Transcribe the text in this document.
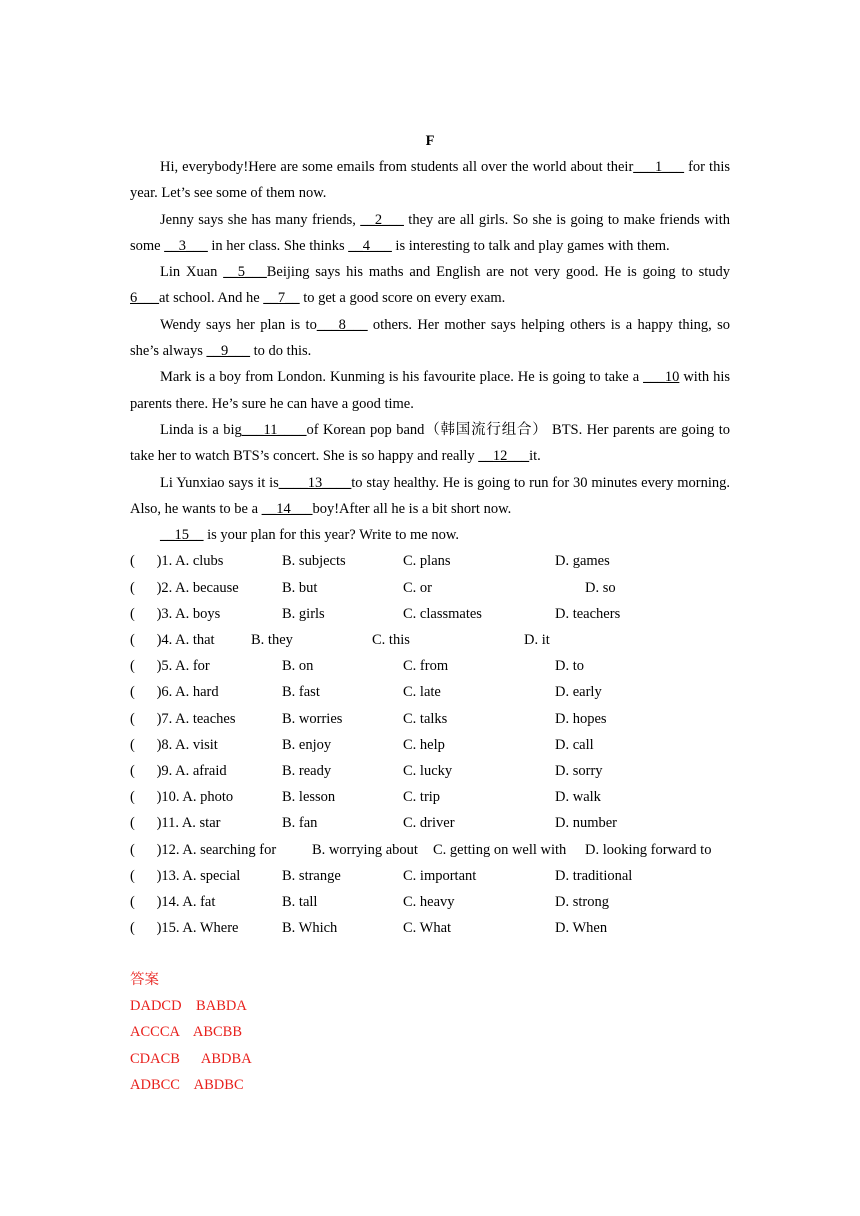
F

Hi, everybody!Here are some emails from students all over the world about their___1___ for this year. Let’s see some of them now.

Jenny says she has many friends, __2___ they are all girls. So she is going to make friends with some __3___ in her class. She thinks __4___ is interesting to talk and play games with them.

Lin Xuan __5___Beijing says his maths and English are not very good. He is going to study 6___at school. And he __7__ to get a good score on every exam.

Wendy says her plan is to___8___ others. Her mother says helping others is a happy thing, so she’s always __9___ to do this.

Mark is a boy from London. Kunming is his favourite place. He is going to take a ___10 with his parents there. He’s sure he can have a good time.

Linda is a big___11____of Korean pop band（韩国流行组合） BTS. Her parents are going to take her to watch BTS’s concert. She is so happy and really __12___it.

Li Yunxiao says it is____13____to stay healthy. He is going to run for 30 minutes every morning. Also, he wants to be a __14___boy!After all he is a bit short now.

__15__ is your plan for this year? Write to me now.

(      )1. A. clubs	B. subjects	C. plans	D. games
(      )2. A. because	B. but	C. or	D. so
(      )3. A. boys	B. girls	C. classmates	D. teachers
(      )4. A. that	B. they	C. this	D. it
(      )5. A. for	B. on	C. from	D. to
(      )6. A. hard	B. fast	C. late	D. early
(      )7. A. teaches	B. worries	C. talks	D. hopes
(      )8. A. visit	B. enjoy	C. help	D. call
(      )9. A. afraid	B. ready	C. lucky	D. sorry
(      )10. A. photo	B. lesson	C. trip	D. walk
(      )11. A. star	B. fan	C. driver	D. number
(      )12. A. searching for B. worrying about C. getting on well with D. looking forward to
(      )13. A. special	B. strange	C. important	D. traditional
(      )14. A. fat	B. tall	C. heavy	D. strong
(      )15. A. Where	B. Which	C. What	D. When
答案
DADCD    BABDA
ACCCA    ABCBB
CDACB      ABDBA
ADBCC    ABDBC
